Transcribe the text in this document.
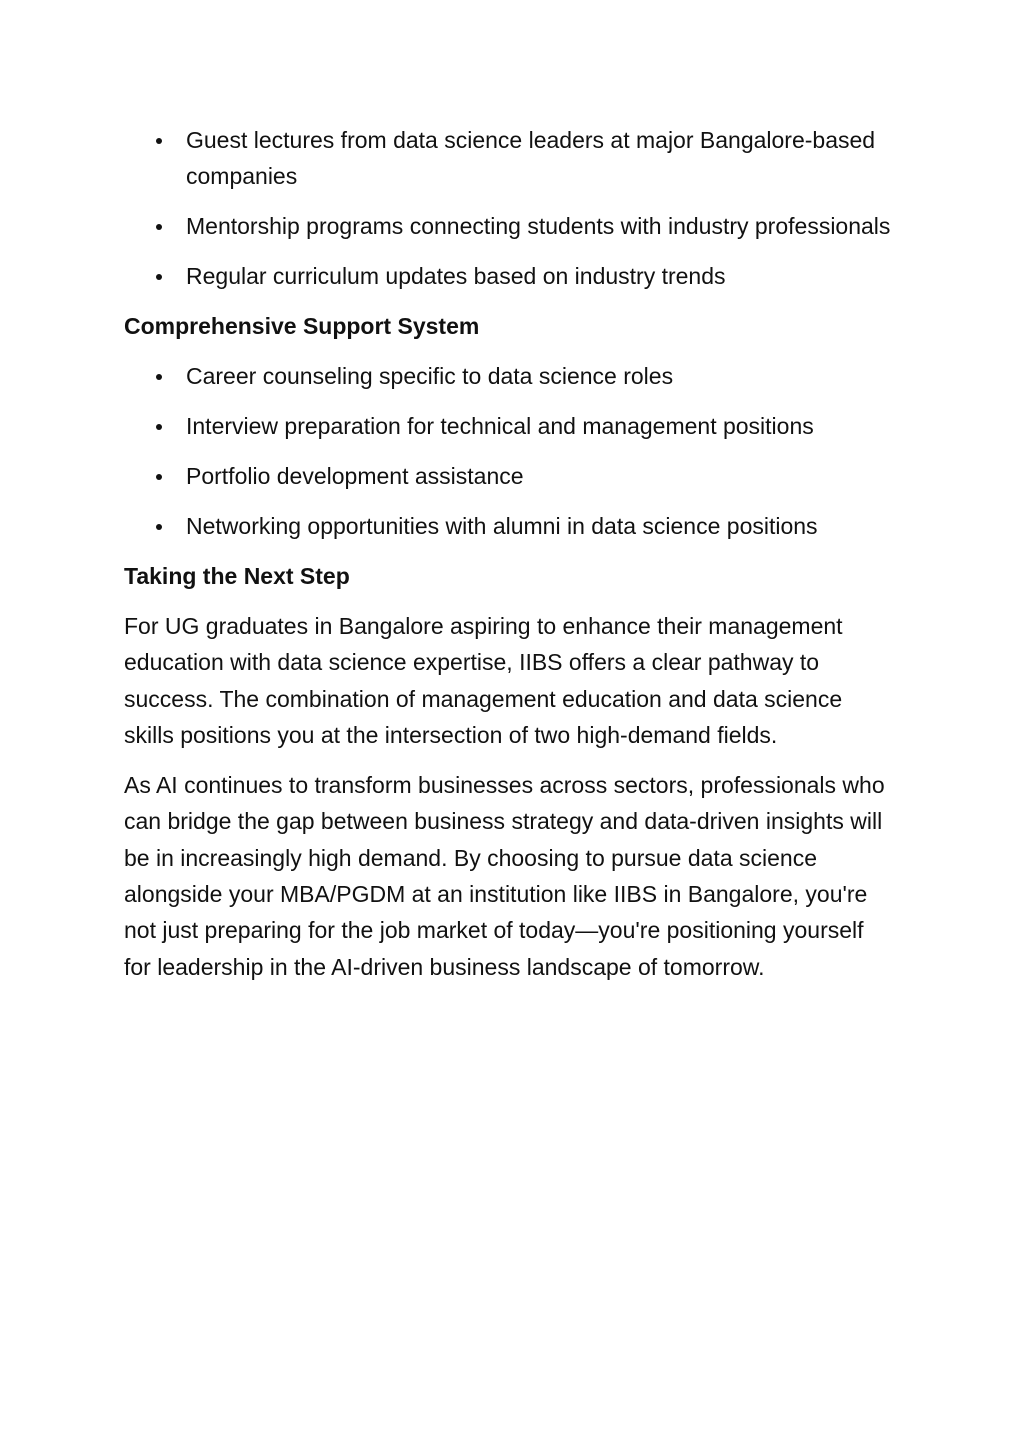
Guest lectures from data science leaders at major Bangalore-based companies
Mentorship programs connecting students with industry professionals
Regular curriculum updates based on industry trends
Comprehensive Support System
Career counseling specific to data science roles
Interview preparation for technical and management positions
Portfolio development assistance
Networking opportunities with alumni in data science positions
Taking the Next Step

For UG graduates in Bangalore aspiring to enhance their management education with data science expertise, IIBS offers a clear pathway to success. The combination of management education and data science skills positions you at the intersection of two high-demand fields.

As AI continues to transform businesses across sectors, professionals who can bridge the gap between business strategy and data-driven insights will be in increasingly high demand. By choosing to pursue data science alongside your MBA/PGDM at an institution like IIBS in Bangalore, you're not just preparing for the job market of today—you're positioning yourself for leadership in the AI-driven business landscape of tomorrow.
